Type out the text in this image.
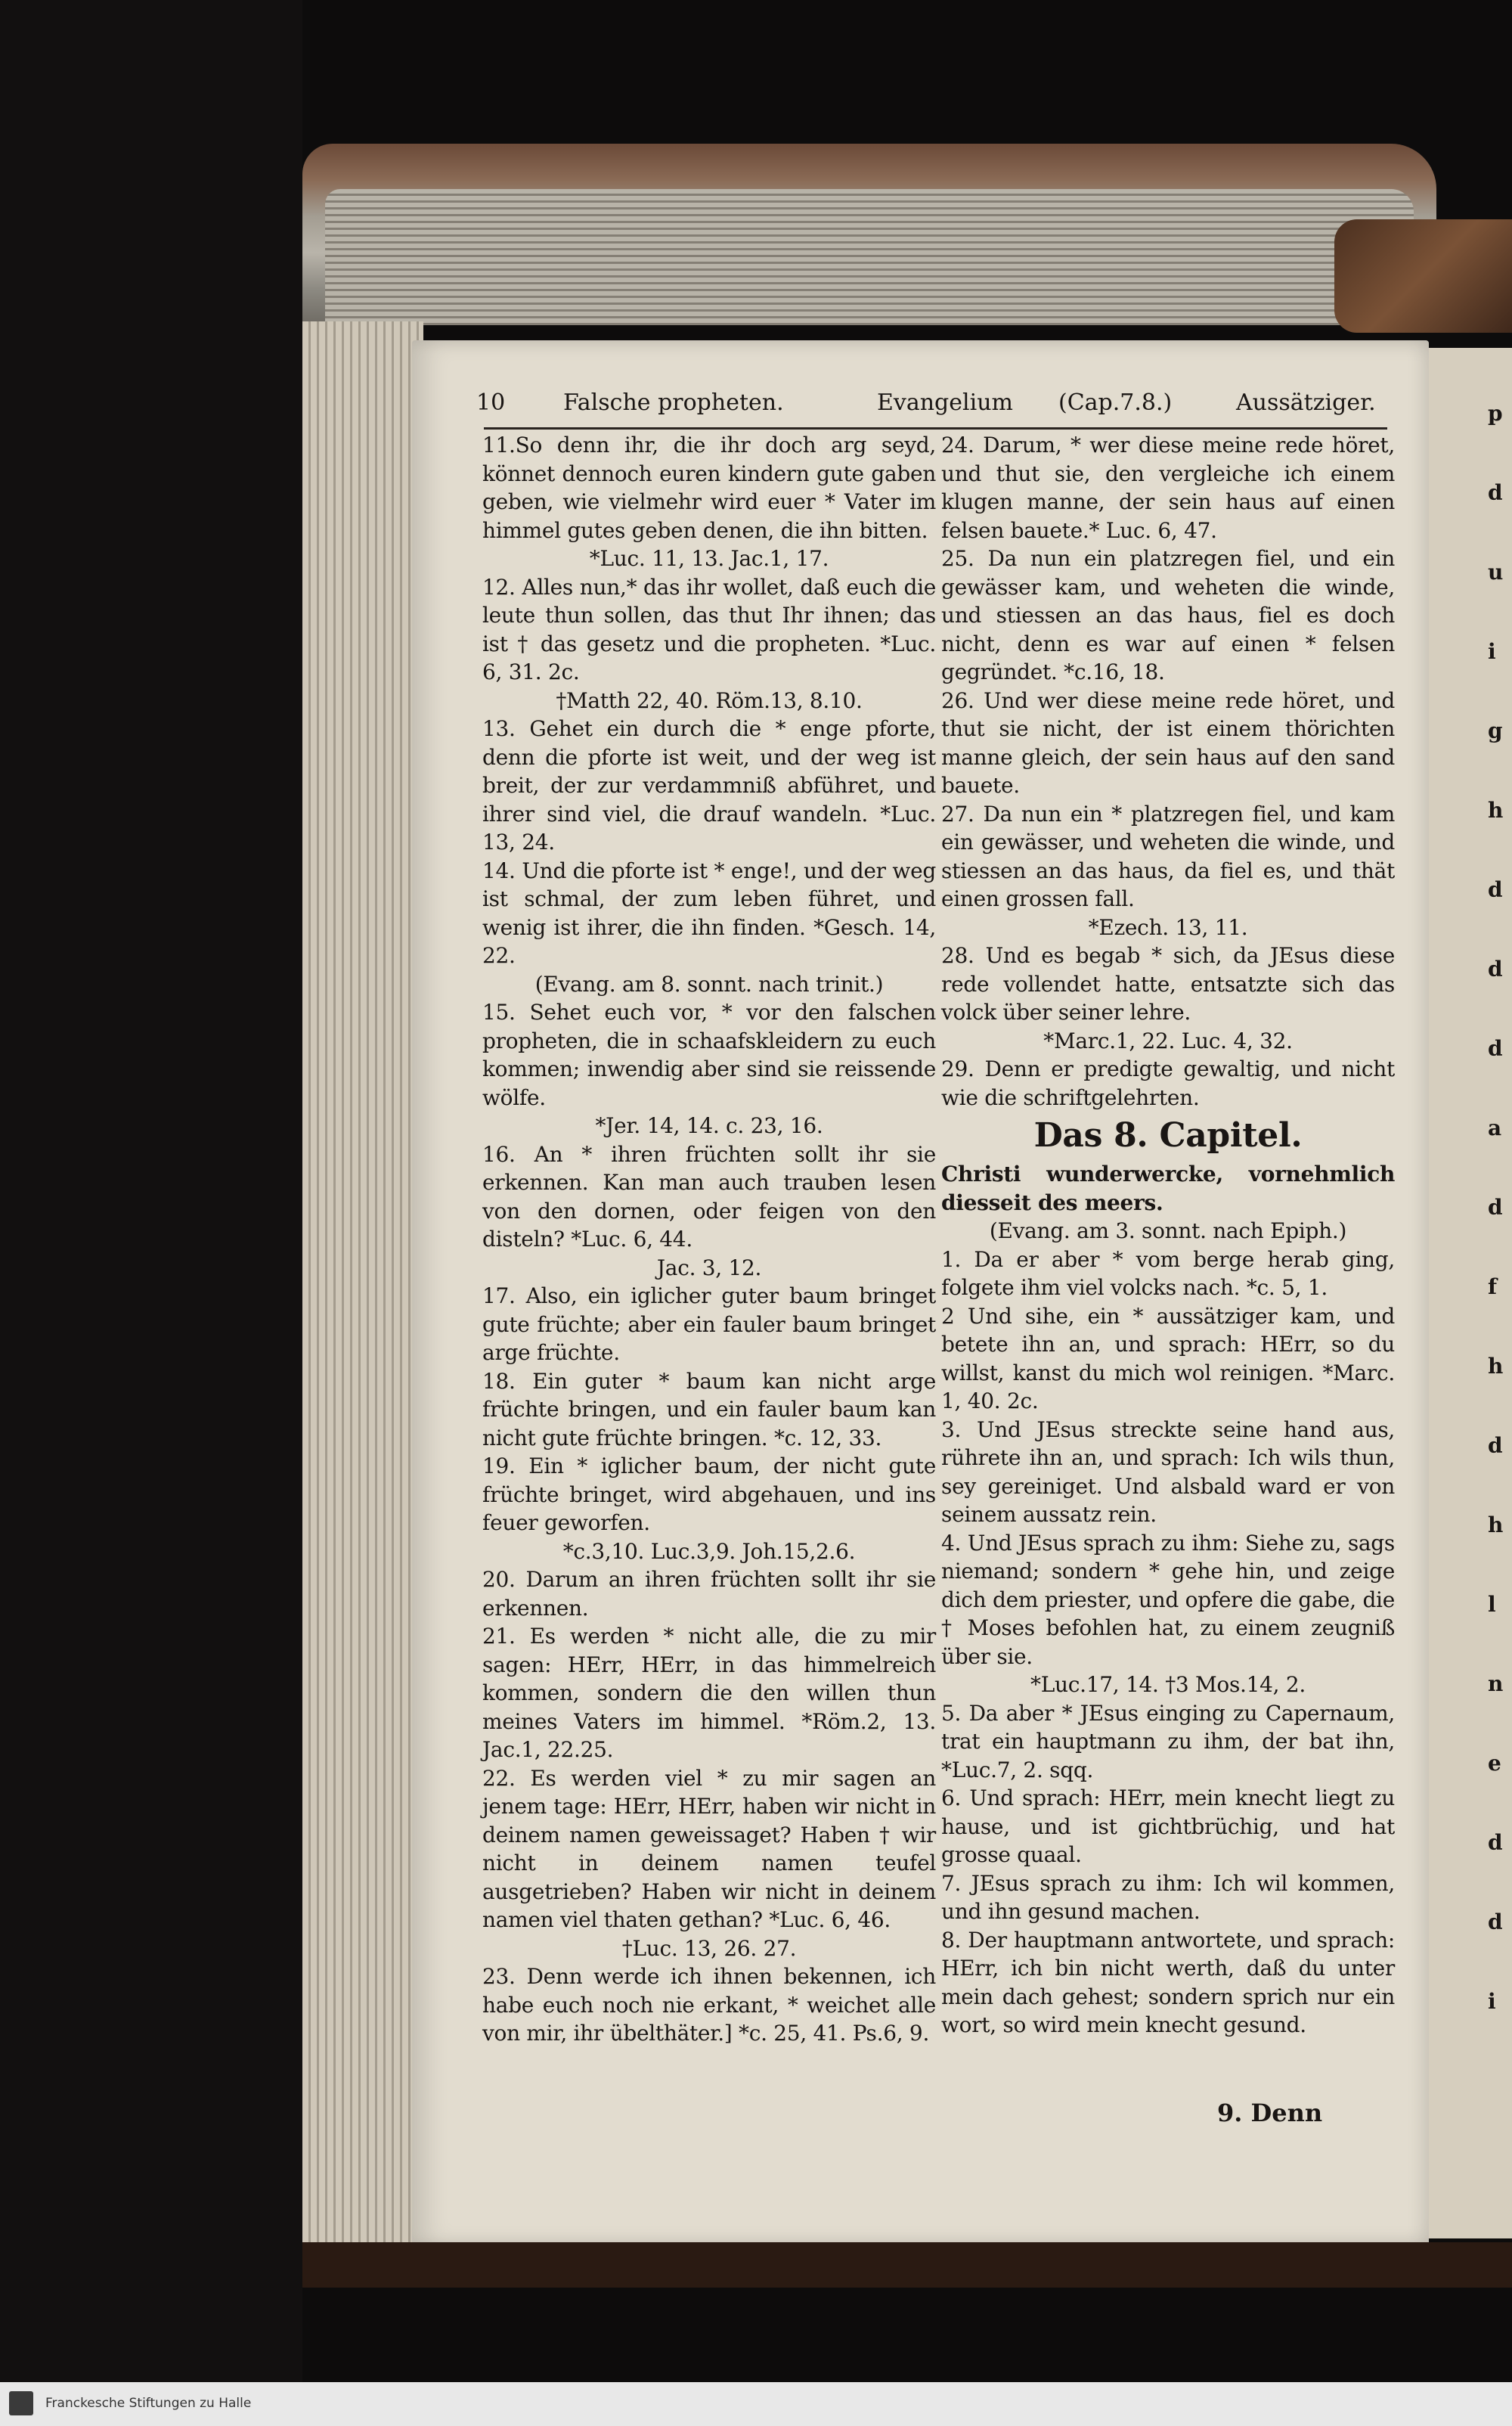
p
d
u
i
g
h
d
d
d
a
d
f
h
d
h
l
n
e
d
d
i
10	Falsche propheten.	Evangelium (Cap.7.8.)	Aussätziger.

11.So denn ihr, die ihr doch arg seyd, könnet dennoch euren kindern gute gaben geben, wie vielmehr wird euer * Vater im himmel gutes geben denen, die ihn bitten.

*Luc. 11, 13. Jac.1, 17.

12. Alles nun,* das ihr wollet, daß euch die leute thun sollen, das thut Ihr ihnen; das ist † das gesetz und die propheten. *Luc. 6, 31. 2c.

†Matth 22, 40. Röm.13, 8.10.

13. Gehet ein durch die * enge pforte, denn die pforte ist weit, und der weg ist breit, der zur verdammniß abführet, und ihrer sind viel, die drauf wandeln. *Luc. 13, 24.

14. Und die pforte ist * enge!, und der weg ist schmal, der zum leben führet, und wenig ist ihrer, die ihn finden. *Gesch. 14, 22.

(Evang. am 8. sonnt. nach trinit.)

15. Sehet euch vor, * vor den falschen propheten, die in schaafskleidern zu euch kommen; inwendig aber sind sie reissende wölfe.

*Jer. 14, 14. c. 23, 16.

16. An * ihren früchten sollt ihr sie erkennen. Kan man auch trauben lesen von den dornen, oder feigen von den disteln? *Luc. 6, 44.

Jac. 3, 12.

17. Also, ein iglicher guter baum bringet gute früchte; aber ein fauler baum bringet arge früchte.

18. Ein guter * baum kan nicht arge früchte bringen, und ein fauler baum kan nicht gute früchte bringen. *c. 12, 33.

19. Ein * iglicher baum, der nicht gute früchte bringet, wird abgehauen, und ins feuer geworfen.

*c.3,10. Luc.3,9. Joh.15,2.6.

20. Darum an ihren früchten sollt ihr sie erkennen.

21. Es werden * nicht alle, die zu mir sagen: HErr, HErr, in das himmelreich kommen, sondern die den willen thun meines Vaters im himmel. *Röm.2, 13. Jac.1, 22.25.

22. Es werden viel * zu mir sagen an jenem tage: HErr, HErr, haben wir nicht in deinem namen geweissaget? Haben † wir nicht in deinem namen teufel ausgetrieben? Haben wir nicht in deinem namen viel thaten gethan? *Luc. 6, 46.

†Luc. 13, 26. 27.

23. Denn werde ich ihnen bekennen, ich habe euch noch nie erkant, * weichet alle von mir, ihr übelthäter.] *c. 25, 41. Ps.6, 9.

24. Darum, * wer diese meine rede höret, und thut sie, den vergleiche ich einem klugen manne, der sein haus auf einen felsen bauete.* Luc. 6, 47.

25. Da nun ein platzregen fiel, und ein gewässer kam, und weheten die winde, und stiessen an das haus, fiel es doch nicht, denn es war auf einen * felsen gegründet. *c.16, 18.

26. Und wer diese meine rede höret, und thut sie nicht, der ist einem thörichten manne gleich, der sein haus auf den sand bauete.

27. Da nun ein * platzregen fiel, und kam ein gewässer, und weheten die winde, und stiessen an das haus, da fiel es, und thät einen grossen fall.

*Ezech. 13, 11.

28. Und es begab * sich, da JEsus diese rede vollendet hatte, entsatzte sich das volck über seiner lehre.

*Marc.1, 22. Luc. 4, 32.

29. Denn er predigte gewaltig, und nicht wie die schriftgelehrten.

Das 8. Capitel.

Christi wunderwercke, vornehmlich diesseit des meers.

(Evang. am 3. sonnt. nach Epiph.)

1. Da er aber * vom berge herab ging, folgete ihm viel volcks nach. *c. 5, 1.

2 Und sihe, ein * aussätziger kam, und betete ihn an, und sprach: HErr, so du willst, kanst du mich wol reinigen. *Marc. 1, 40. 2c.

3. Und JEsus streckte seine hand aus, rührete ihn an, und sprach: Ich wils thun, sey gereiniget. Und alsbald ward er von seinem aussatz rein.

4. Und JEsus sprach zu ihm: Siehe zu, sags niemand; sondern * gehe hin, und zeige dich dem priester, und opfere die gabe, die † Moses befohlen hat, zu einem zeugniß über sie.

*Luc.17, 14. †3 Mos.14, 2.

5. Da aber * JEsus einging zu Capernaum, trat ein hauptmann zu ihm, der bat ihn, *Luc.7, 2. sqq.

6. Und sprach: HErr, mein knecht liegt zu hause, und ist gichtbrüchig, und hat grosse quaal.

7. JEsus sprach zu ihm: Ich wil kommen, und ihn gesund machen.

8. Der hauptmann antwortete, und sprach: HErr, ich bin nicht werth, daß du unter mein dach gehest; sondern sprich nur ein wort, so wird mein knecht gesund.

9. Denn
Franckesche Stiftungen zu Halle
